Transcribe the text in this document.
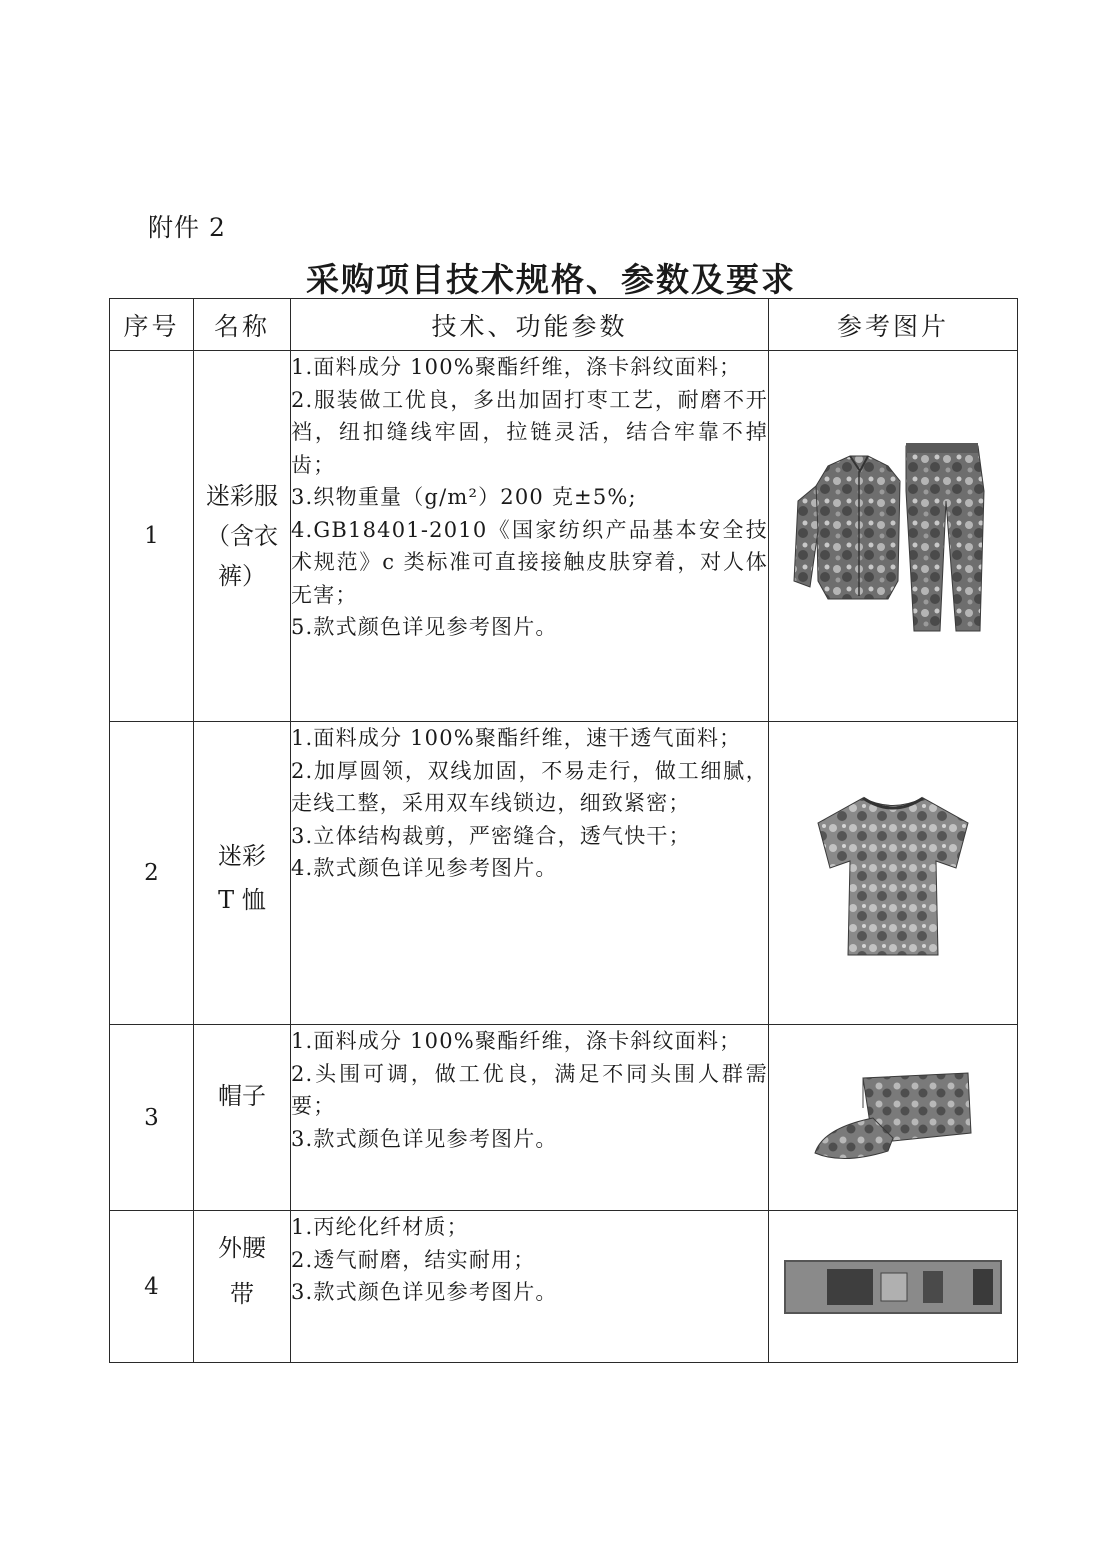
附件 2
采购项目技术规格、参数及要求
序号	名称	技术、功能参数	参考图片
1	迷彩服（含衣裤）	1.面料成分 100%聚酯纤维，涤卡斜纹面料；
2.服装做工优良，多出加固打枣工艺，耐磨不开裆，纽扣缝线牢固，拉链灵活，结合牢靠不掉齿；
3.织物重量（g/m²）200 克±5%;
4.GB18401-2010《国家纺织产品基本安全技术规范》c 类标准可直接接触皮肤穿着，对人体无害；
5.款式颜色详见参考图片。

2	迷彩 T 恤	1.面料成分 100%聚酯纤维，速干透气面料；
2.加厚圆领，双线加固，不易走行，做工细腻，走线工整，采用双车线锁边，细致紧密；
3.立体结构裁剪，严密缝合，透气快干；
4.款式颜色详见参考图片。

3	帽子	1.面料成分 100%聚酯纤维，涤卡斜纹面料；
2.头围可调，做工优良，满足不同头围人群需要；
3.款式颜色详见参考图片。

4	外腰带	1.丙纶化纤材质；
2.透气耐磨，结实耐用；
3.款式颜色详见参考图片。
